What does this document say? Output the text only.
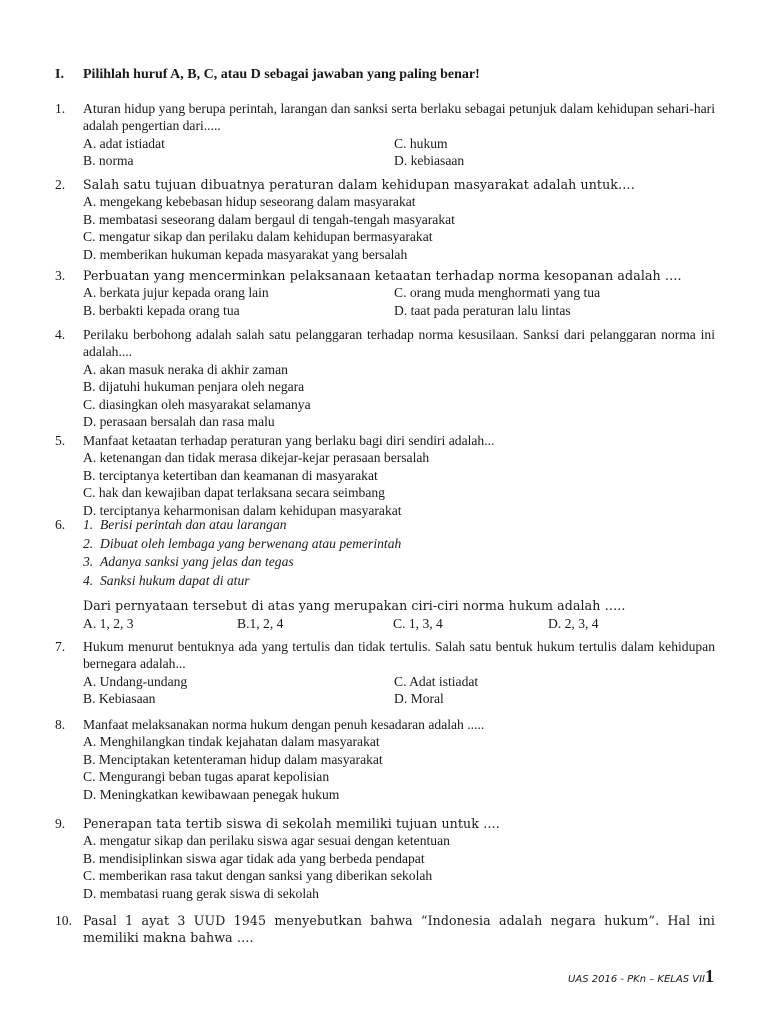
I. Pilihlah huruf A, B, C, atau D sebagai jawaban yang paling benar!
1.	Aturan hidup yang berupa perintah, larangan dan sanksi serta berlaku sebagai petunjuk dalam kehidupan sehari-hari adalah pengertian dari.....
A. adat istiadat	C. hukum
B. norma	D. kebiasaan
2.	Salah satu tujuan dibuatnya peraturan dalam kehidupan masyarakat adalah untuk….
A. mengekang kebebasan hidup seseorang dalam masyarakat
B. membatasi seseorang dalam bergaul di tengah-tengah masyarakat
C. mengatur sikap dan perilaku dalam kehidupan bermasyarakat
D. memberikan hukuman kepada masyarakat yang bersalah
3.	Perbuatan yang mencerminkan pelaksanaan ketaatan terhadap norma kesopanan adalah ….
A. berkata jujur kepada orang lain	C. orang muda menghormati yang tua
B. berbakti kepada orang tua	D. taat pada peraturan lalu lintas
4.	Perilaku berbohong adalah salah satu pelanggaran terhadap norma kesusilaan. Sanksi dari pelanggaran norma ini adalah....
A. akan masuk neraka di akhir zaman
B. dijatuhi hukuman penjara oleh negara
C. diasingkan oleh masyarakat selamanya
D. perasaan bersalah dan rasa malu
5.	Manfaat ketaatan terhadap peraturan yang berlaku bagi diri sendiri adalah...
A. ketenangan dan tidak merasa dikejar-kejar perasaan bersalah
B. terciptanya ketertiban dan keamanan di masyarakat
C. hak dan kewajiban dapat terlaksana secara seimbang
D. terciptanya keharmonisan dalam kehidupan masyarakat
6.	1. Berisi perintah dan atau larangan
2. Dibuat oleh lembaga yang berwenang atau pemerintah
3. Adanya sanksi yang jelas dan tegas
4. Sanksi hukum dapat di atur
Dari pernyataan tersebut di atas yang merupakan ciri-ciri norma hukum adalah …..
A. 1, 2, 3	B.1, 2, 4	C. 1, 3, 4	D. 2, 3, 4
7.	Hukum menurut bentuknya ada yang tertulis dan tidak tertulis. Salah satu bentuk hukum tertulis dalam kehidupan bernegara adalah...
A. Undang-undang	C. Adat istiadat
B. Kebiasaan	D. Moral
8.	Manfaat melaksanakan norma hukum dengan penuh kesadaran adalah .....
A. Menghilangkan tindak kejahatan dalam masyarakat
B. Menciptakan ketenteraman hidup dalam masyarakat
C. Mengurangi beban tugas aparat kepolisian
D. Meningkatkan kewibawaan penegak hukum
9.	Penerapan tata tertib siswa di sekolah memiliki tujuan untuk ….
A. mengatur sikap dan perilaku siswa agar sesuai dengan ketentuan
B. mendisiplinkan siswa agar tidak ada yang berbeda pendapat
C. memberikan rasa takut dengan sanksi yang diberikan sekolah
D. membatasi ruang gerak siswa di sekolah
10. Pasal 1 ayat 3 UUD 1945 menyebutkan bahwa “Indonesia adalah negara hukum”. Hal ini memiliki makna bahwa ….
UAS 2016 - PKn – KELAS VII1
